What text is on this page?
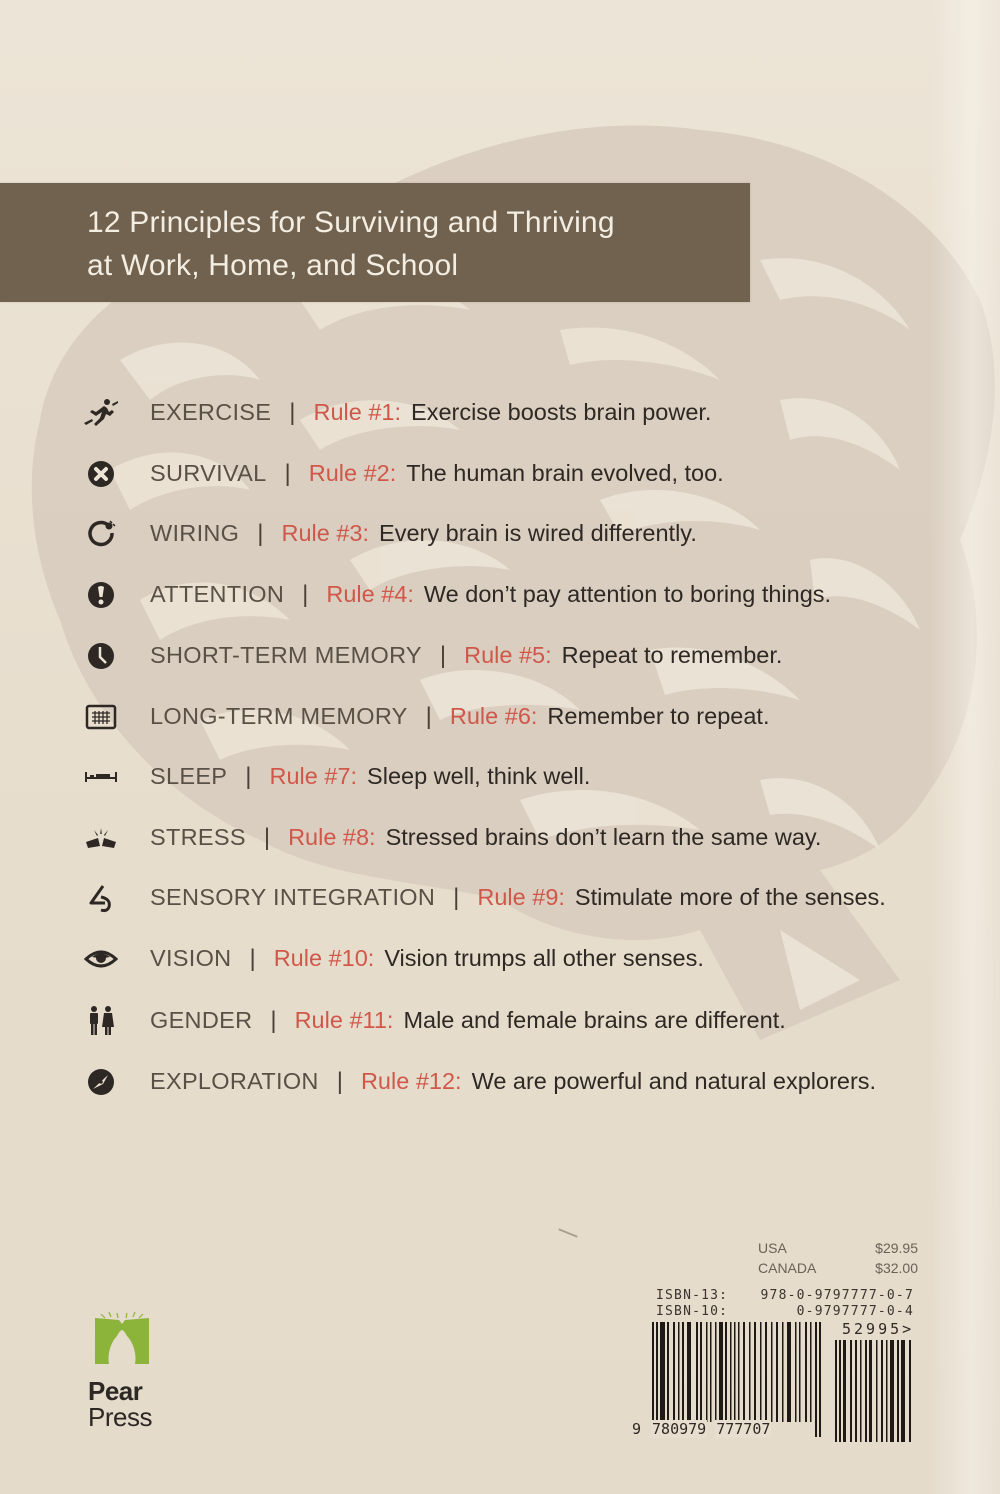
12 Principles for Surviving and Thriving
at Work, Home, and School
EXERCISE | Rule #1: Exercise boosts brain power.
SURVIVAL | Rule #2: The human brain evolved, too.
WIRING | Rule #3: Every brain is wired differently.
ATTENTION | Rule #4: We don’t pay attention to boring things.
SHORT-TERM MEMORY | Rule #5: Repeat to remember.
LONG-TERM MEMORY | Rule #6: Remember to repeat.
SLEEP | Rule #7: Sleep well, think well.
STRESS | Rule #8: Stressed brains don’t learn the same way.
SENSORY INTEGRATION | Rule #9: Stimulate more of the senses.
VISION | Rule #10: Vision trumps all other senses.
GENDER | Rule #11: Male and female brains are different.
EXPLORATION | Rule #12: We are powerful and natural explorers.
USA	$29.95
CANADA	$32.00
ISBN-13:	978-0-9797777-0-7
ISBN-10:	0-9797777-0-4
52995>
9 780979 777707
Pear
Press
